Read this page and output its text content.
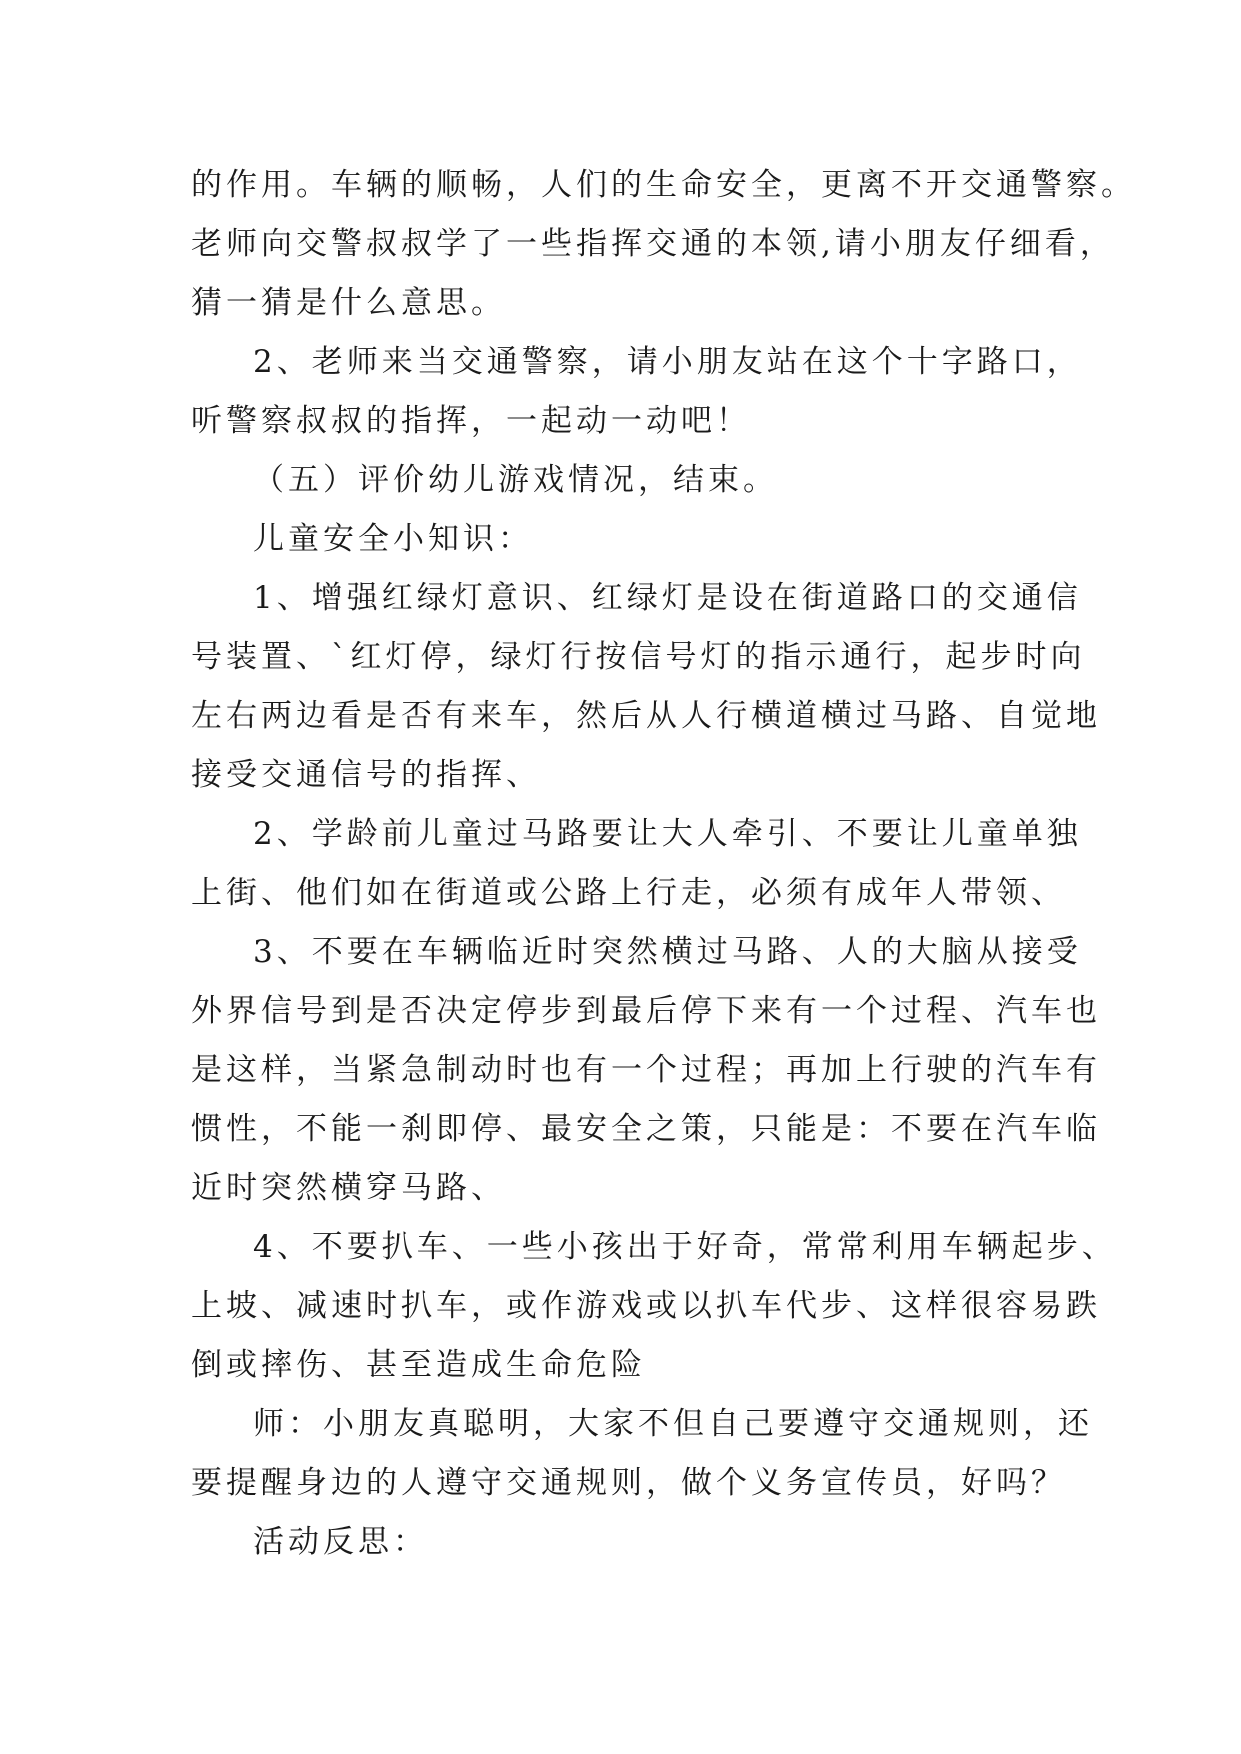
的作用。车辆的顺畅，人们的生命安全，更离不开交通警察。
老师向交警叔叔学了一些指挥交通的本领,请小朋友仔细看，
猜一猜是什么意思。
2、老师来当交通警察，请小朋友站在这个十字路口，
听警察叔叔的指挥，一起动一动吧！
（五）评价幼儿游戏情况，结束。
儿童安全小知识：
1、增强红绿灯意识、红绿灯是设在街道路口的交通信
号装置、`红灯停，绿灯行按信号灯的指示通行，起步时向
左右两边看是否有来车，然后从人行横道横过马路、自觉地
接受交通信号的指挥、
2、学龄前儿童过马路要让大人牵引、不要让儿童单独
上街、他们如在街道或公路上行走，必须有成年人带领、
3、不要在车辆临近时突然横过马路、人的大脑从接受
外界信号到是否决定停步到最后停下来有一个过程、汽车也
是这样，当紧急制动时也有一个过程；再加上行驶的汽车有
惯性，不能一刹即停、最安全之策，只能是：不要在汽车临
近时突然横穿马路、
4、不要扒车、一些小孩出于好奇，常常利用车辆起步、
上坡、减速时扒车，或作游戏或以扒车代步、这样很容易跌
倒或摔伤、甚至造成生命危险
师：小朋友真聪明，大家不但自己要遵守交通规则，还
要提醒身边的人遵守交通规则，做个义务宣传员，好吗？
活动反思：
